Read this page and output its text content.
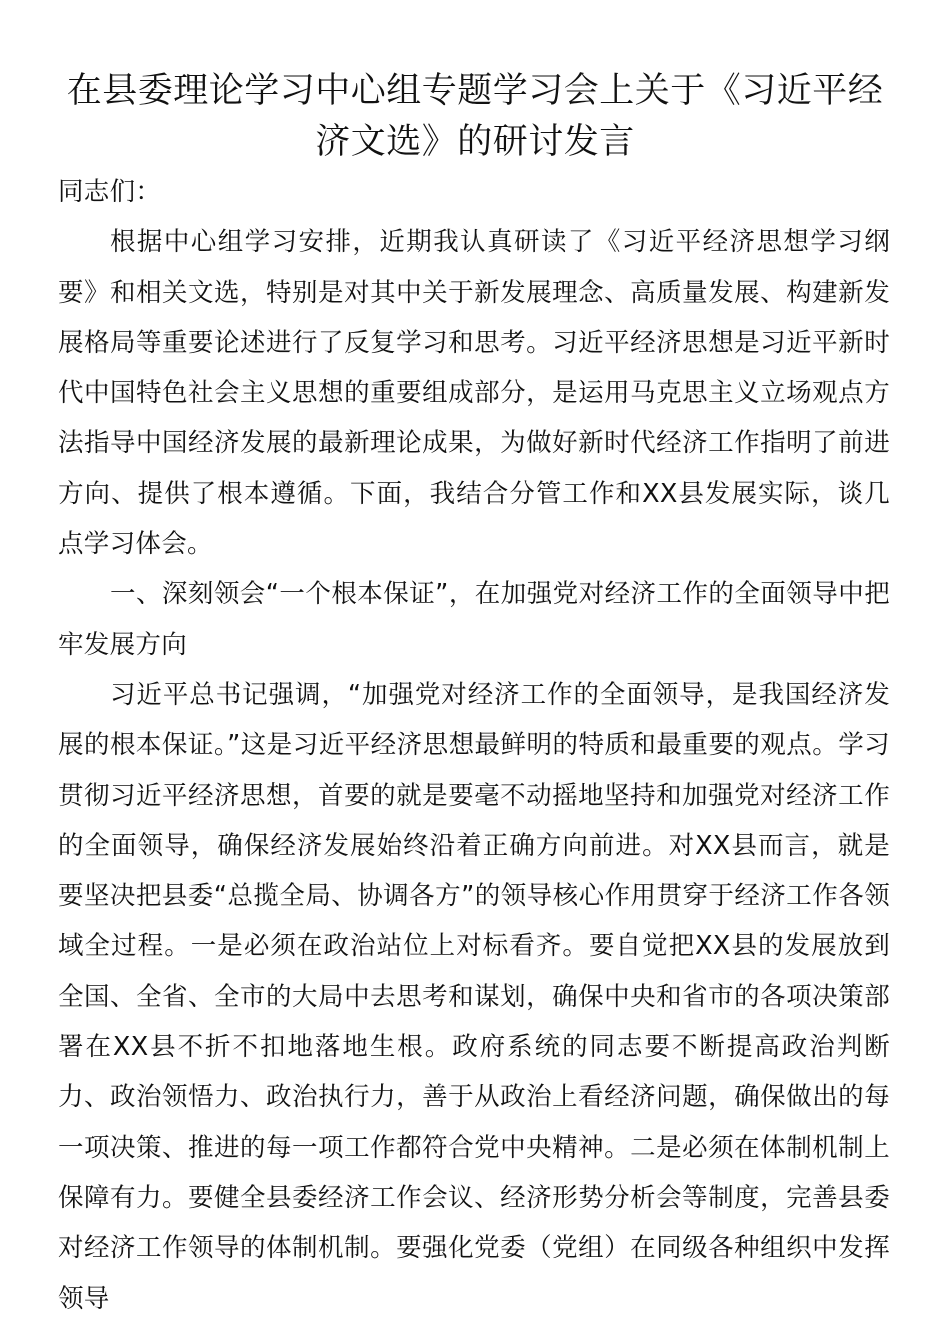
在县委理论学习中心组专题学习会上关于《习近平经济文选》的研讨发言

同志们：

根据中心组学习安排，近期我认真研读了《习近平经济思想学习纲要》和相关文选，特别是对其中关于新发展理念、高质量发展、构建新发展格局等重要论述进行了反复学习和思考。习近平经济思想是习近平新时代中国特色社会主义思想的重要组成部分，是运用马克思主义立场观点方法指导中国经济发展的最新理论成果，为做好新时代经济工作指明了前进方向、提供了根本遵循。下面，我结合分管工作和XX县发展实际，谈几点学习体会。

一、深刻领会“一个根本保证”，在加强党对经济工作的全面领导中把牢发展方向

习近平总书记强调，“加强党对经济工作的全面领导，是我国经济发展的根本保证。”这是习近平经济思想最鲜明的特质和最重要的观点。学习贯彻习近平经济思想，首要的就是要毫不动摇地坚持和加强党对经济工作的全面领导，确保经济发展始终沿着正确方向前进。对XX县而言，就是要坚决把县委“总揽全局、协调各方”的领导核心作用贯穿于经济工作各领域全过程。一是必须在政治站位上对标看齐。要自觉把XX县的发展放到全国、全省、全市的大局中去思考和谋划，确保中央和省市的各项决策部署在XX县不折不扣地落地生根。政府系统的同志要不断提高政治判断力、政治领悟力、政治执行力，善于从政治上看经济问题，确保做出的每一项决策、推进的每一项工作都符合党中央精神。二是必须在体制机制上保障有力。要健全县委经济工作会议、经济形势分析会等制度，完善县委对经济工作领导的体制机制。要强化党委（党组）在同级各种组织中发挥领导
